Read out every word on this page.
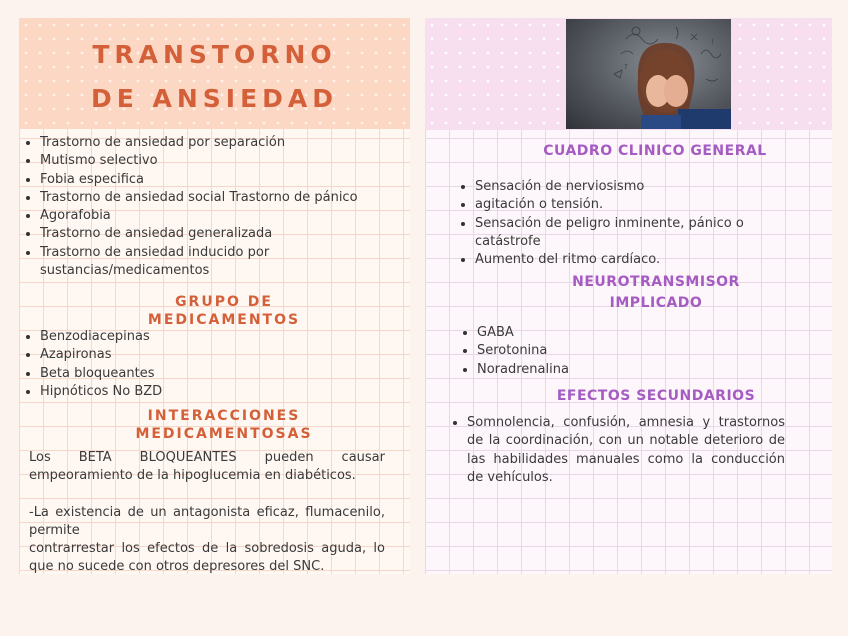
TRANSTORNO
DE ANSIEDAD
Trastorno de ansiedad por separación
Mutismo selectivo
Fobia especifica
Trastorno de ansiedad social Trastorno de pánico
Agorafobia
Trastorno de ansiedad generalizada
Trastorno de ansiedad inducido por sustancias/medicamentos
GRUPO DE
MEDICAMENTOS
Benzodiacepinas
Azapironas
Beta bloqueantes
Hipnóticos No BZD
INTERACCIONES
MEDICAMENTOSAS
Los BETA BLOQUEANTES pueden causar empeoramiento de la hipoglucemia en diabéticos.
-La existencia de un antagonista eficaz, flumacenilo, permite
contrarrestar los efectos de la sobredosis aguda, lo que no sucede con otros depresores del SNC.
?
!
CUADRO CLINICO GENERAL
Sensación de nerviosismo
agitación o tensión.
Sensación de peligro inminente, pánico o catástrofe
Aumento del ritmo cardíaco.
NEUROTRANSMISOR
IMPLICADO
GABA
Serotonina
Noradrenalina
EFECTOS SECUNDARIOS
Somnolencia, confusión, amnesia y trastornos de la coordinación, con un notable deterioro de las habilidades manuales como la conducción de vehículos.
